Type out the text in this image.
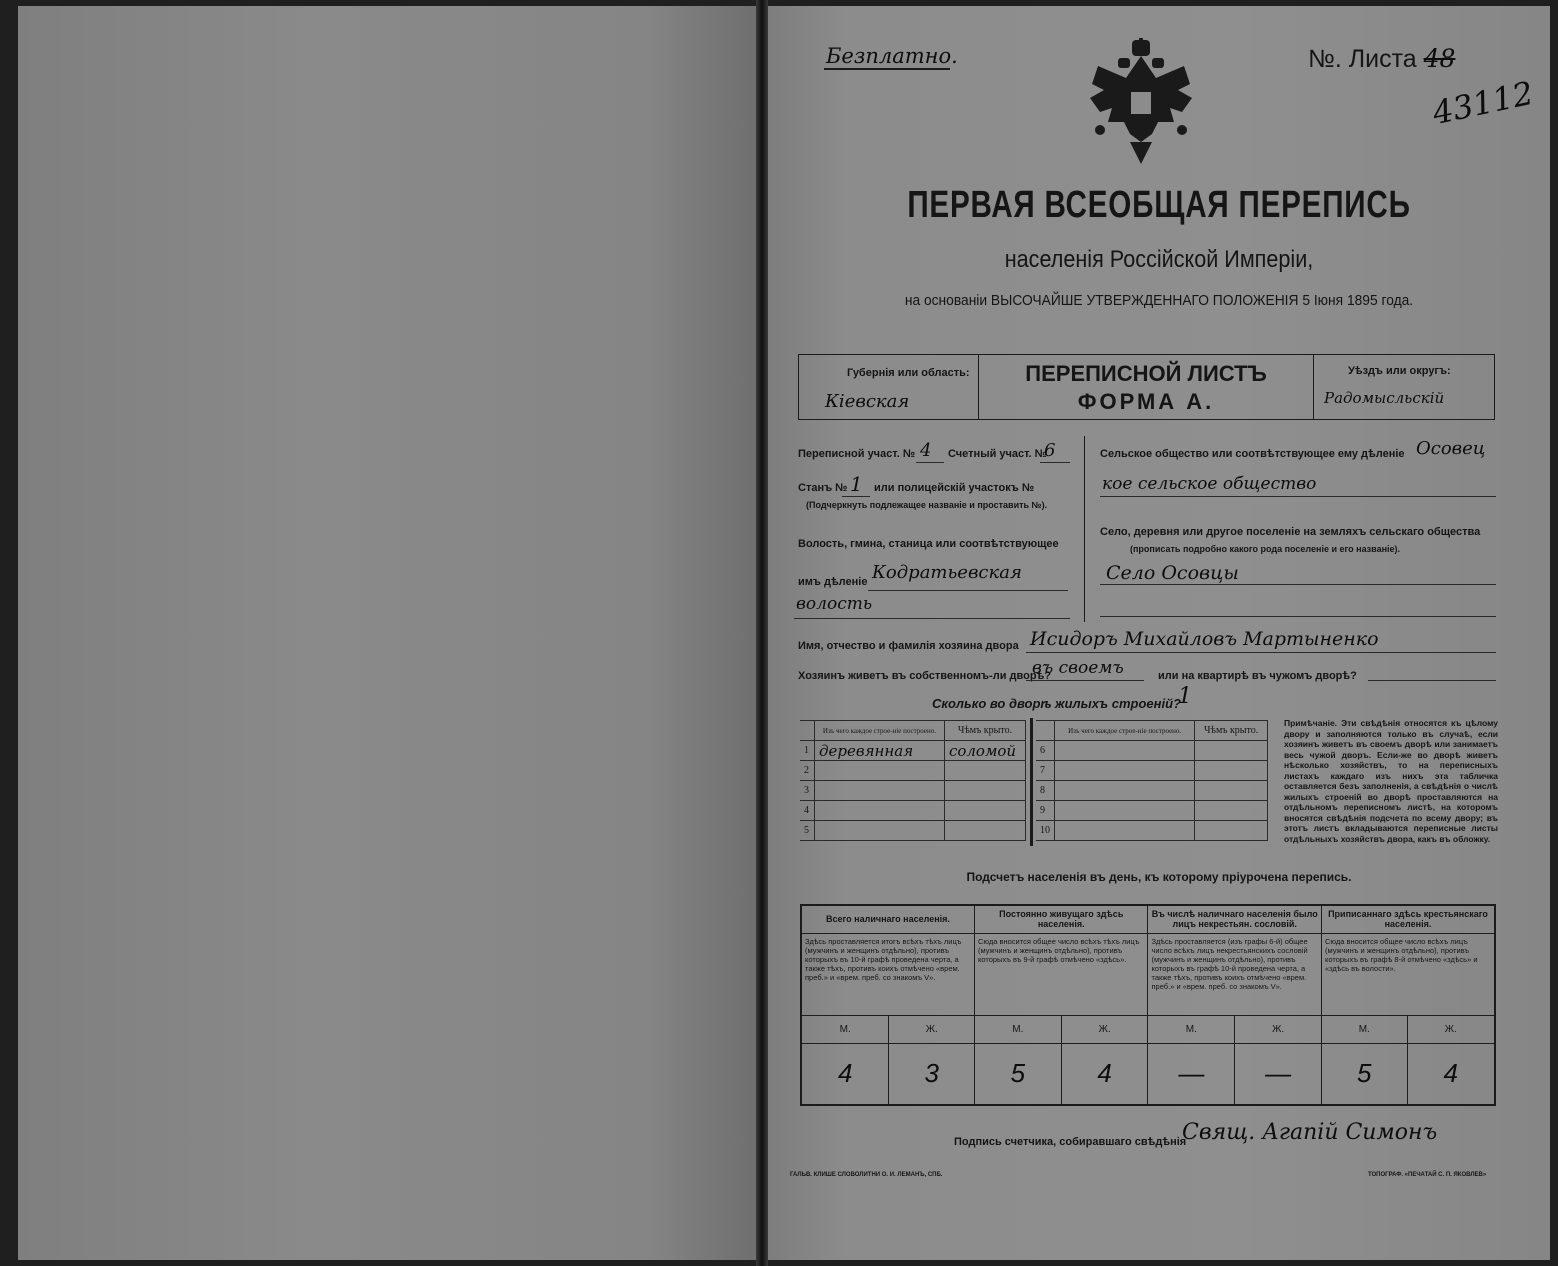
Безплатно.	№. Листа 48
43112
ПЕРВАЯ ВСЕОБЩАЯ ПЕРЕПИСЬ
населенія Россійской Имперіи,
на основаніи ВЫСОЧАЙШЕ УТВЕРЖДЕННАГО ПОЛОЖЕНІЯ 5 Іюня 1895 года.
Губернія или область:
Кіевская
ПЕРЕПИСНОЙ ЛИСТЪ
ФОРМА А.
Уѣздъ или округъ:
Радомысльскій
Переписной участ. № 4 Счетный участ. №
6
Станъ № 1 или полицейскій участокъ №
(Подчеркнуть подлежащее названіе и проставить №).
Волость, гмина, станица или соотвѣтствующее
имъ дѣленіе Кодратьевская
волость
Сельское общество или соотвѣтствующее ему дѣленіе Осовец
кое сельское общество
Село, деревня или другое поселеніе на земляхъ сельскаго общества
(прописать подробно какого рода поселеніе и его названіе).
Село Осовцы
Имя, отчество и фамилія хозяина двора Исидоръ Михайловъ Мартыненко
Хозяинъ живетъ въ собственномъ-ли дворѣ?
въ своемъ	или на квартирѣ въ чужомъ дворѣ?
Сколько во дворѣ жилыхъ строеній?
1
	Изъ чего каждое строе-ніе построено.	Чѣмъ крыто.
1	деревянная	соломой
2		
3		
4		
5		
	Изъ чего каждое строе-ніе построено.	Чѣмъ крыто.
6		
7		
8		
9		
10		
Примѣчаніе. Эти свѣдѣнія относятся къ цѣлому двору и заполняются только въ случаѣ, если хозяинъ живетъ въ своемъ дворѣ или занимаетъ весь чужой дворъ. Если-же во дворѣ живетъ нѣсколько хозяйствъ, то на переписныхъ листахъ каждаго изъ нихъ эта табличка оставляется безъ заполненія, а свѣдѣнія о числѣ жилыхъ строеній во дворѣ проставляются на отдѣльномъ переписномъ листѣ, на которомъ вносятся свѣдѣнія подсчета по всему двору; въ этотъ листъ вкладываются переписные листы отдѣльныхъ хозяйствъ двора, какъ въ обложку.
Подсчетъ населенія въ день, къ которому пріурочена перепись.
Всего наличнаго населенія.		Постоянно живущаго здѣсь населенія.		Въ числѣ наличнаго населенія было лицъ некрестьян. сословій.		Приписаннаго здѣсь крестьянскаго населенія.	
Здѣсь проставляется итогъ всѣхъ тѣхъ лицъ (мужчинъ и женщинъ отдѣльно), противъ которыхъ въ 10-й графѣ проведена черта, а также тѣхъ, противъ коихъ отмѣчено «врем. преб.» и «врем. преб. со знакомъ V».		Сюда вносится общее число всѣхъ тѣхъ лицъ (мужчинъ и женщинъ отдѣльно), противъ которыхъ въ 9-й графѣ отмѣчено «здѣсь».		Здѣсь проставляется (изъ графы 6-й) общее число всѣхъ лицъ некрестьянскихъ сословій (мужчинъ и женщинъ отдѣльно), противъ которыхъ въ графѣ 10-й проведена черта, а также тѣхъ, противъ коихъ отмѣчено «врем. преб.» и «врем. преб. со знакомъ V».		Сюда вносится общее число всѣхъ лицъ (мужчинъ и женщинъ отдѣльно), противъ которыхъ въ графѣ 8-й отмѣчено «здѣсь» и «здѣсь въ волости».	
М.	Ж.	М.	Ж.	М.	Ж.	М.	Ж.
4	3	5	4	—	—	5	4
Подпись счетчика, собиравшаго свѣдѣнія
Свящ. Агапій Симонъ
ГАЛЬВ. КЛИШЕ СЛОВОЛИТНИ О. И. ЛЕМАНЪ, СПБ.	ТОПОГРАФ. «ПЕЧАТАЙ С. П. ЯКОВЛЕВ»
